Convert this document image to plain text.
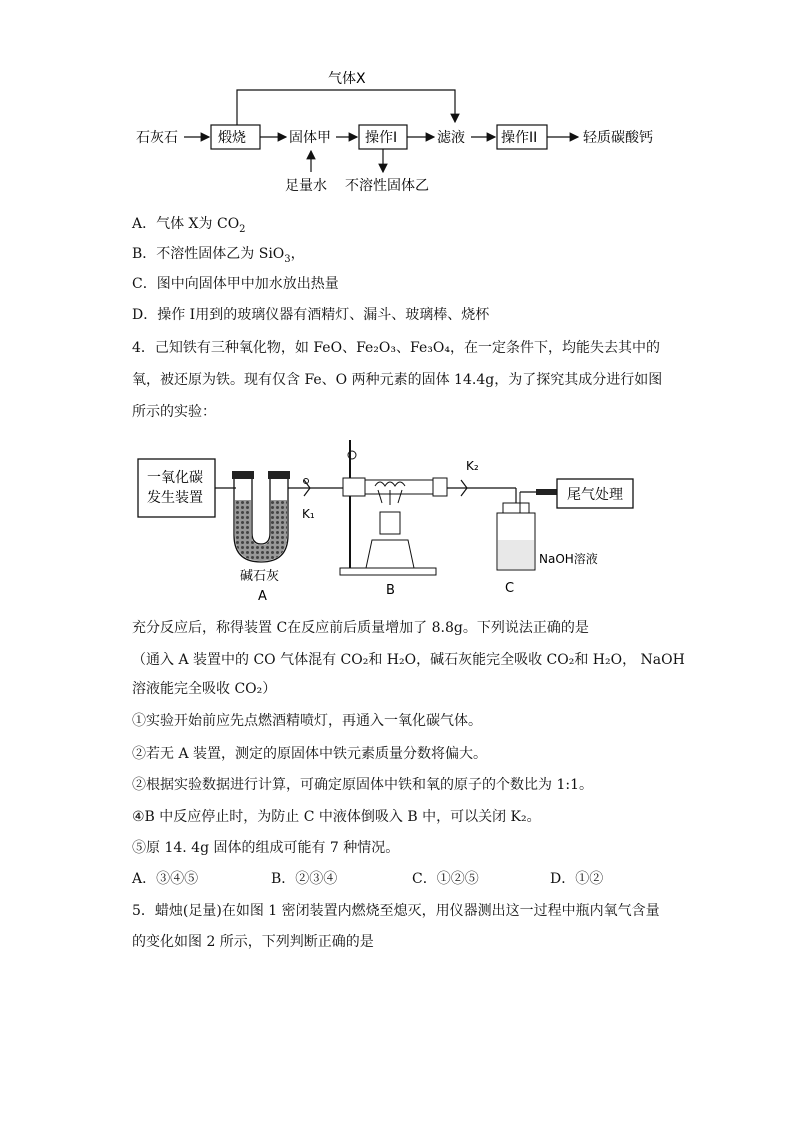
气体X
石灰石	煅烧	固体甲 操作I	滤液	操作II	轻质碳酸钙
足量水 不溶性固体乙
A．气体 X为 $CO_2$
B．不溶性固体乙为 SiO$_3$，
C．图中向固体甲中加水放出热量
D．操作 I用到的玻璃仪器有酒精灯、漏斗、玻璃棒、烧杯
4．己知铁有三种氧化物，如 FeO、Fe₂O₃、Fe₃O₄，在一定条件下，均能失去其中的
氧，被还原为铁。现有仅含 Fe、O 两种元素的固体 14.4g，为了探究其成分进行如图
所示的实验：
一氧化碳
发生装置
K₁
碱石灰
A	B
K₂
NaOH溶液
C
尾气处理
充分反应后，称得装置 C在反应前后质量增加了 8.8g。下列说法正确的是
（通入 A 装置中的 CO 气体混有 CO₂和 H₂O，碱石灰能完全吸收 CO₂和 H₂O， NaOH
溶液能完全吸收 CO₂）
①实验开始前应先点燃酒精喷灯，再通入一氧化碳气体。
②若无 A 装置，测定的原固体中铁元素质量分数将偏大。
②根据实验数据进行计算，可确定原固体中铁和氧的原子的个数比为 1:1。
④B 中反应停止时，为防止 C 中液体倒吸入 B 中，可以关闭 K₂。
⑤原 14. 4g 固体的组成可能有 7 种情况。
A．③④⑤	B．②③④	C．①②⑤	D．①②
5．蜡烛(足量)在如图 1 密闭装置内燃烧至熄灭，用仪器测出这一过程中瓶内氧气含量
的变化如图 2 所示，下列判断正确的是
